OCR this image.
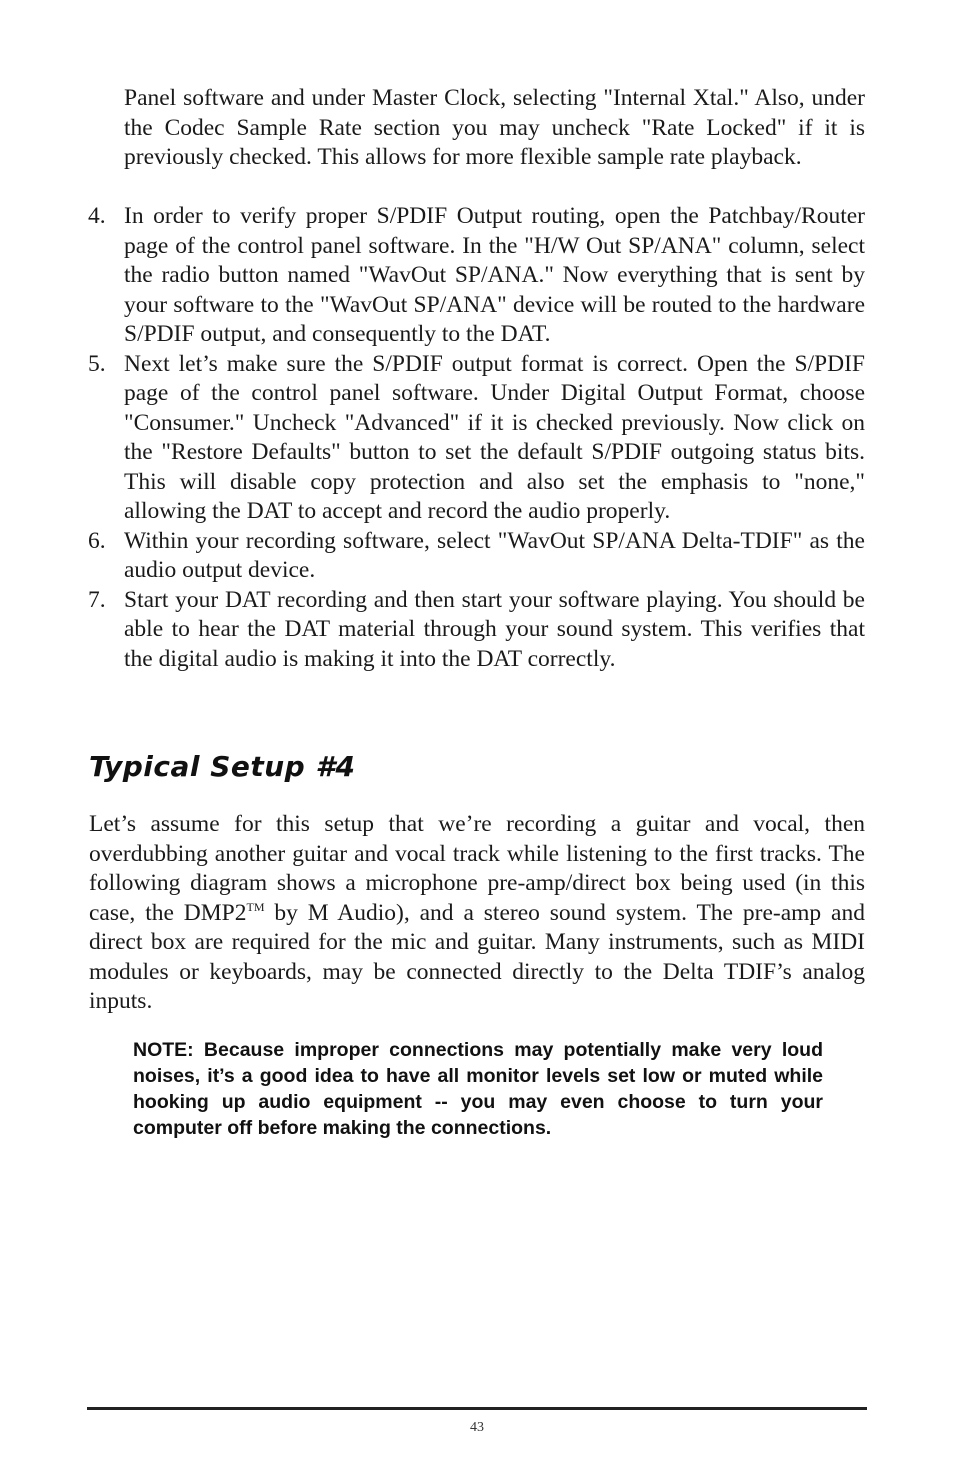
Panel software and under Master Clock, selecting "Internal Xtal." Also, under the Codec Sample Rate section you may uncheck "Rate Locked" if it is previously checked. This allows for more flexible sample rate playback.

4. In order to verify proper S/PDIF Output routing, open the Patchbay/Router page of the control panel software. In the "H/W Out SP/ANA" column, select the radio button named "WavOut SP/ANA." Now everything that is sent by your software to the "WavOut SP/ANA" device will be routed to the hardware S/PDIF output, and consequently to the DAT.
5. Next let’s make sure the S/PDIF output format is correct. Open the S/PDIF page of the control panel software. Under Digital Output Format, choose "Consumer." Uncheck "Advanced" if it is checked previously. Now click on the "Restore Defaults" button to set the default S/PDIF outgoing status bits. This will disable copy protection and also set the emphasis to "none," allowing the DAT to accept and record the audio properly.
6. Within your recording software, select "WavOut SP/ANA Delta-TDIF" as the audio output device.
7. Start your DAT recording and then start your software playing. You should be able to hear the DAT material through your sound system. This verifies that the digital audio is making it into the DAT correctly.
Typical Setup #4

Let’s assume for this setup that we’re recording a guitar and vocal, then overdubbing another guitar and vocal track while listening to the first tracks. The following diagram shows a microphone pre-amp/direct box being used (in this case, the DMP2™ by M Audio), and a stereo sound system. The pre-amp and direct box are required for the mic and guitar. Many instruments, such as MIDI modules or keyboards, may be connected directly to the Delta TDIF’s analog inputs.

NOTE: Because improper connections may potentially make very loud noises, it’s a good idea to have all monitor levels set low or muted while hooking up audio equipment -- you may even choose to turn your computer off before making the connections.

43
